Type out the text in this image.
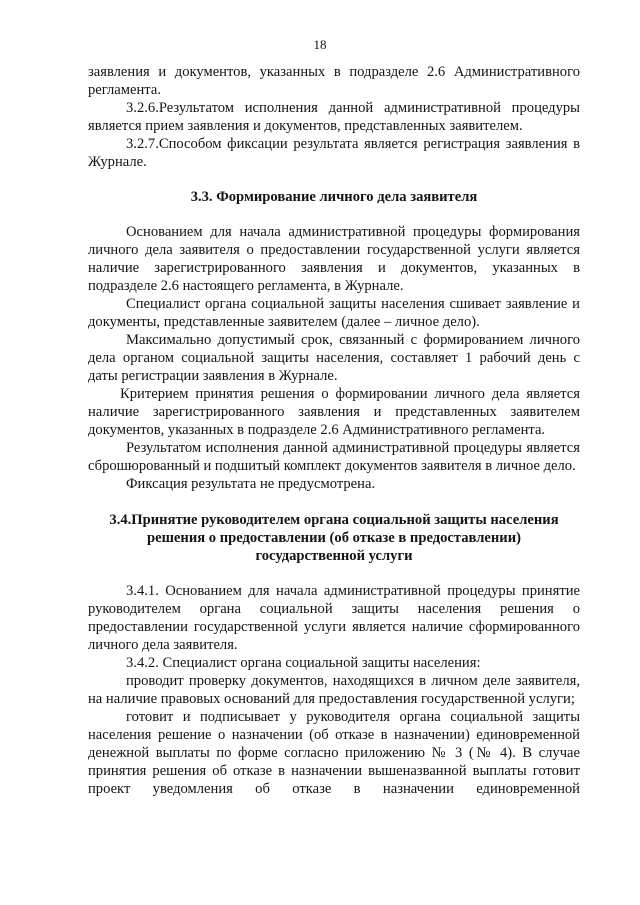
18

заявления и документов, указанных в подразделе 2.6 Административного регламента.

3.2.6.Результатом исполнения данной административной процедуры является прием заявления и документов, представленных заявителем.

3.2.7.Способом фиксации результата является регистрация заявления в Журнале.

3.3. Формирование личного дела заявителя

Основанием для начала административной процедуры формирования личного дела заявителя о предоставлении государственной услуги является наличие зарегистрированного заявления и документов, указанных в подразделе 2.6 настоящего регламента, в Журнале.

Специалист органа социальной защиты населения сшивает заявление и документы, представленные заявителем (далее – личное дело).

Максимально допустимый срок, связанный с формированием личного дела органом социальной защиты населения, составляет 1 рабочий день с даты регистрации заявления в Журнале.

Критерием принятия решения о формировании личного дела является наличие зарегистрированного заявления и представленных заявителем документов, указанных в подразделе 2.6 Административного регламента.

Результатом исполнения данной административной процедуры является сброшюрованный и подшитый комплект документов заявителя в личное дело.

Фиксация результата не предусмотрена.

3.4.Принятие руководителем органа социальной защиты населения решения о предоставлении (об отказе в предоставлении) государственной услуги

3.4.1. Основанием для начала административной процедуры принятие руководителем органа социальной защиты населения решения о предоставлении государственной услуги является наличие сформированного личного дела заявителя.

3.4.2. Специалист органа социальной защиты населения:

проводит проверку документов, находящихся в личном деле заявителя, на наличие правовых оснований для предоставления государственной услуги;

готовит и подписывает у руководителя органа социальной защиты населения решение о назначении (об отказе в назначении) единовременной денежной выплаты по форме согласно приложению № 3 (№ 4). В случае принятия решения об отказе в назначении вышеназванной выплаты готовит проект уведомления об отказе в назначении единовременной
